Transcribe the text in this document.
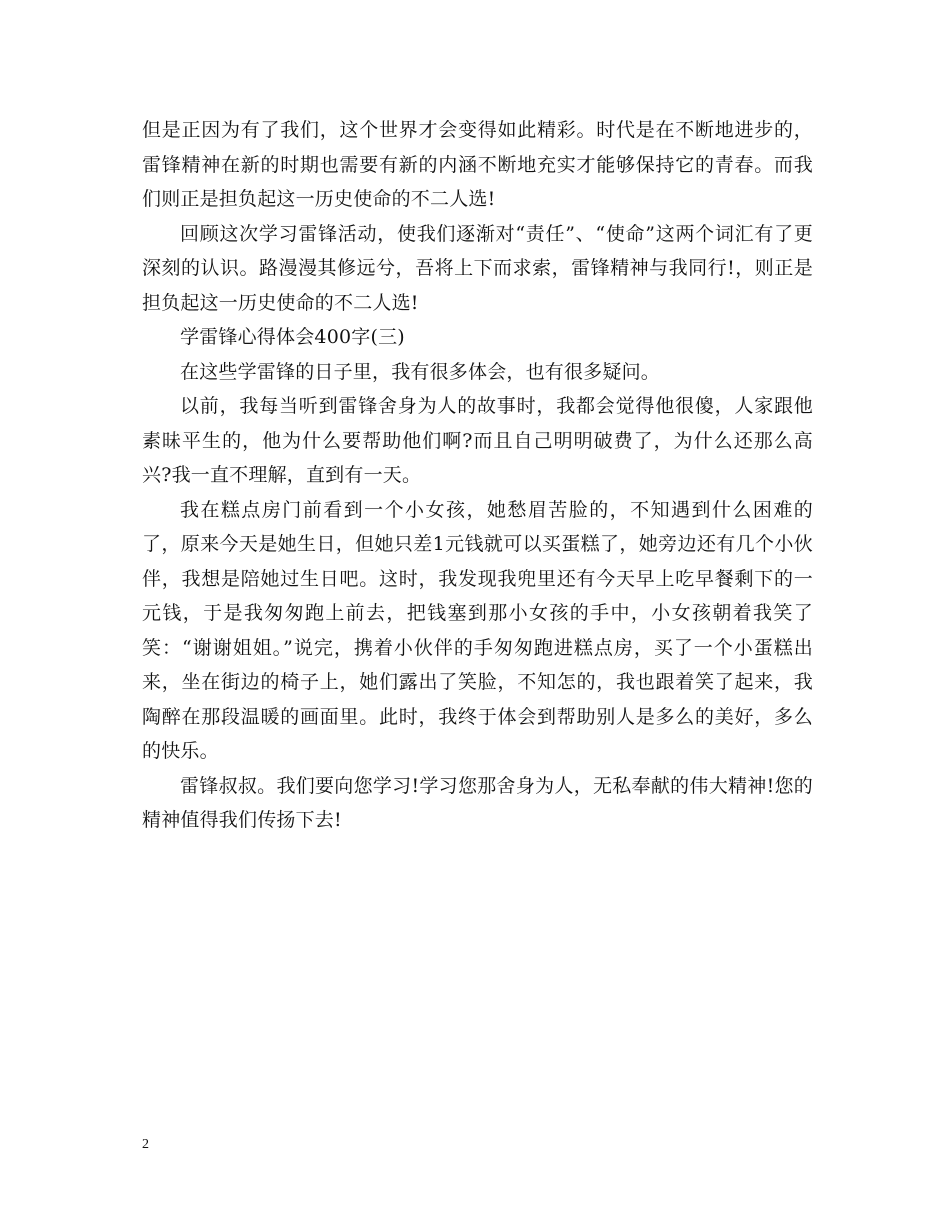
但是正因为有了我们，这个世界才会变得如此精彩。时代是在不断地进步的，雷锋精神在新的时期也需要有新的内涵不断地充实才能够保持它的青春。而我们则正是担负起这一历史使命的不二人选!

回顾这次学习雷锋活动，使我们逐渐对“责任”、“使命”这两个词汇有了更深刻的认识。路漫漫其修远兮，吾将上下而求索，雷锋精神与我同行!，则正是担负起这一历史使命的不二人选!

学雷锋心得体会400字(三)

在这些学雷锋的日子里，我有很多体会，也有很多疑问。

以前，我每当听到雷锋舍身为人的故事时，我都会觉得他很傻，人家跟他素昧平生的，他为什么要帮助他们啊?而且自己明明破费了，为什么还那么高兴?我一直不理解，直到有一天。

我在糕点房门前看到一个小女孩，她愁眉苦脸的，不知遇到什么困难的了，原来今天是她生日，但她只差1元钱就可以买蛋糕了，她旁边还有几个小伙伴，我想是陪她过生日吧。这时，我发现我兜里还有今天早上吃早餐剩下的一元钱，于是我匆匆跑上前去，把钱塞到那小女孩的手中，小女孩朝着我笑了笑：“谢谢姐姐。”说完，携着小伙伴的手匆匆跑进糕点房，买了一个小蛋糕出来，坐在街边的椅子上，她们露出了笑脸，不知怎的，我也跟着笑了起来，我陶醉在那段温暖的画面里。此时，我终于体会到帮助别人是多么的美好，多么的快乐。

雷锋叔叔。我们要向您学习!学习您那舍身为人，无私奉献的伟大精神!您的精神值得我们传扬下去!

2
